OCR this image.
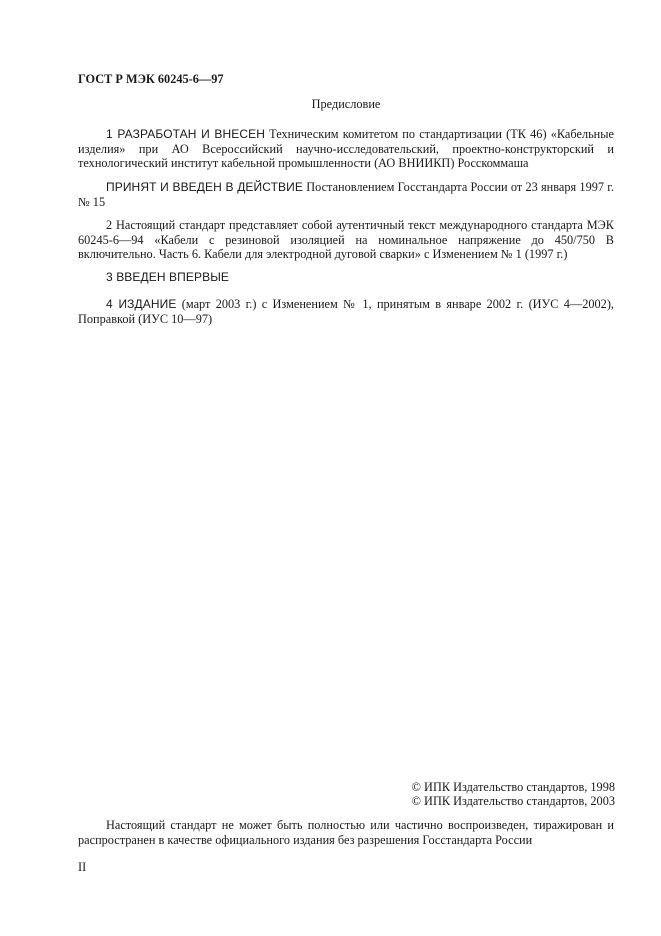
ГОСТ Р МЭК 60245-6—97
Предисловие
1 РАЗРАБОТАН И ВНЕСЕН Техническим комитетом по стандартизации (ТК 46) «Кабельные изделия» при АО Всероссийский научно-исследовательский, проектно-конструкторский и технологический институт кабельной промышленности (АО ВНИИКП) Росскоммаша
ПРИНЯТ И ВВЕДЕН В ДЕЙСТВИЕ Постановлением Госстандарта России от 23 января 1997 г. № 15
2 Настоящий стандарт представляет собой аутентичный текст международного стандарта МЭК 60245-6—94 «Кабели с резиновой изоляцией на номинальное напряжение до 450/750 В включительно. Часть 6. Кабели для электродной дуговой сварки» с Изменением № 1 (1997 г.)
3 ВВЕДЕН ВПЕРВЫЕ
4 ИЗДАНИЕ (март 2003 г.) с Изменением № 1, принятым в январе 2002 г. (ИУС 4—2002), Поправкой (ИУС 10—97)
© ИПК Издательство стандартов, 1998
© ИПК Издательство стандартов, 2003
Настоящий стандарт не может быть полностью или частично воспроизведен, тиражирован и распространен в качестве официального издания без разрешения Госстандарта России
II
